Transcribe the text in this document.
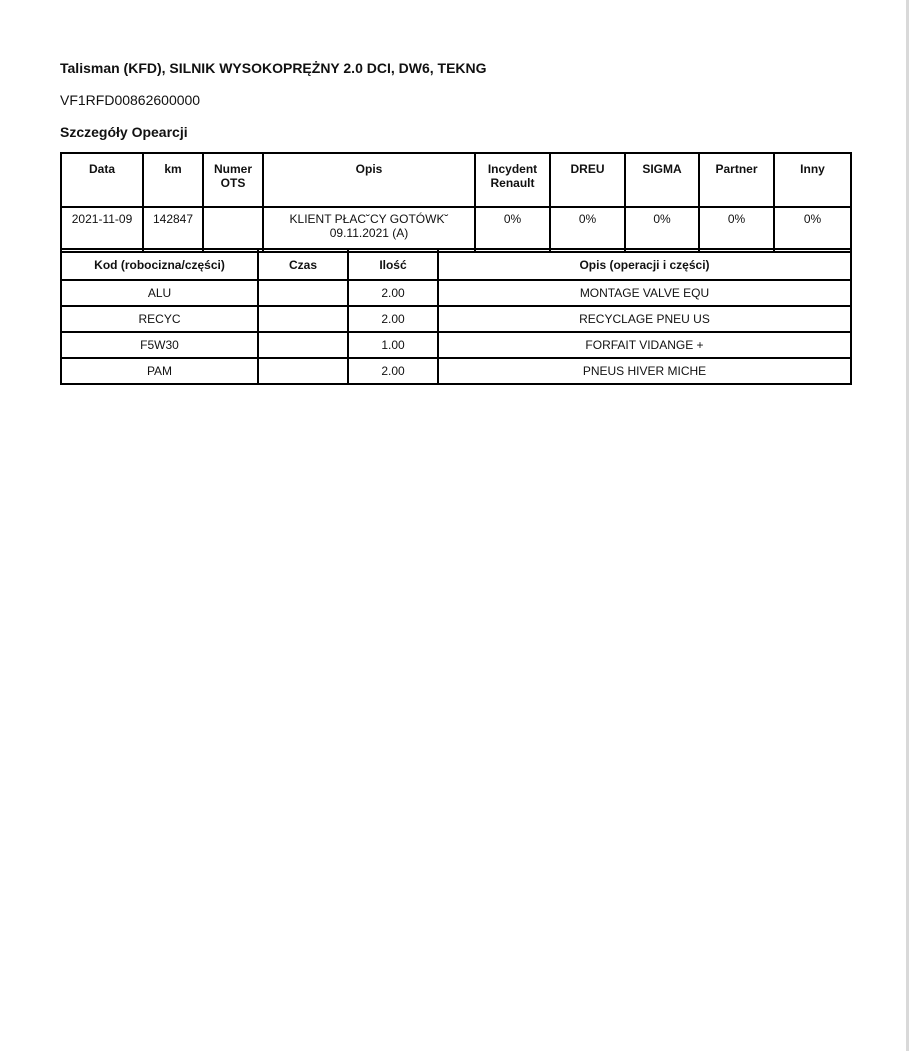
Talisman (KFD), SILNIK WYSOKOPRĘŻNY 2.0 DCI, DW6, TEKNG

VF1RFD00862600000

Szczegóły Opearcji
Data	km	Numer OTS	Opis	Incydent Renault	DREU	SIGMA	Partner	Inny
2021-11-09	142847		KLIENT PŁAC˘CY GOTÓWK˘ 09.11.2021 (A)	0%	0%	0%	0%	0%
Kod (robocizna/części)	Czas	Ilość	Opis (operacji i części)
ALU		2.00	MONTAGE VALVE EQU
RECYC		2.00	RECYCLAGE PNEU US
F5W30		1.00	FORFAIT VIDANGE +
PAM		2.00	PNEUS HIVER MICHE
